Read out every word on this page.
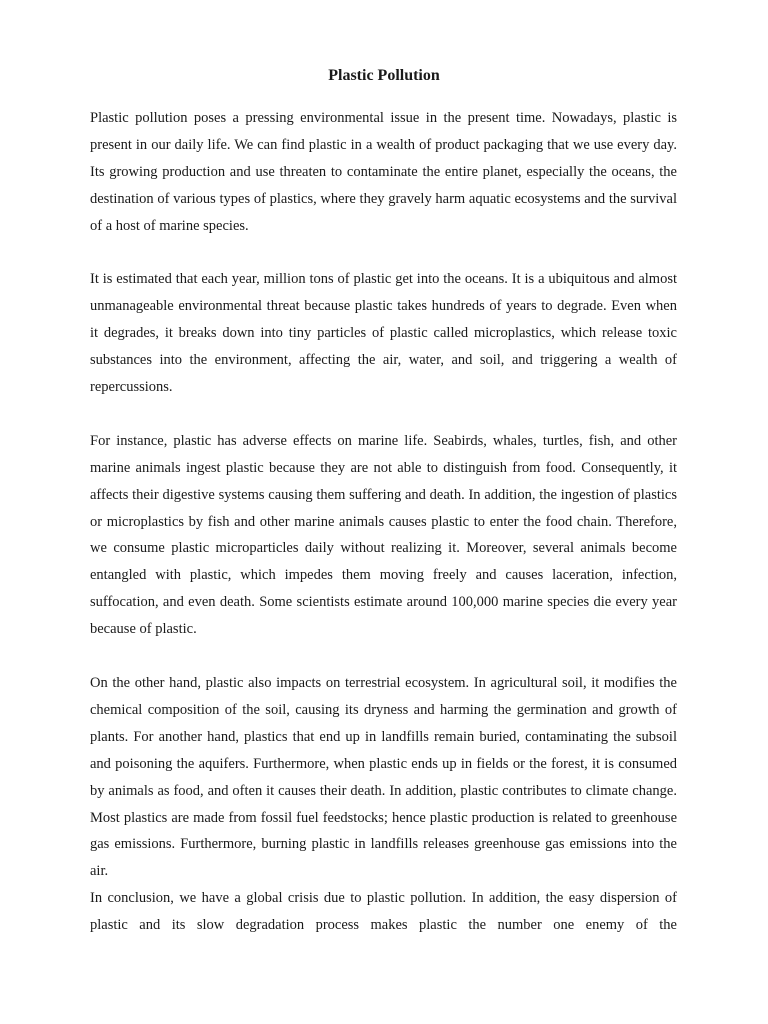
Plastic Pollution

Plastic pollution poses a pressing environmental issue in the present time. Nowadays, plastic is present in our daily life. We can find plastic in a wealth of product packaging that we use every day. Its growing production and use threaten to contaminate the entire planet, especially the oceans, the destination of various types of plastics, where they gravely harm aquatic ecosystems and the survival of a host of marine species.

It is estimated that each year, million tons of plastic get into the oceans. It is a ubiquitous and almost unmanageable environmental threat because plastic takes hundreds of years to degrade. Even when it degrades, it breaks down into tiny particles of plastic called microplastics, which release toxic substances into the environment, affecting the air, water, and soil, and triggering a wealth of repercussions.

For instance, plastic has adverse effects on marine life. Seabirds, whales, turtles, fish, and other marine animals ingest plastic because they are not able to distinguish from food. Consequently, it affects their digestive systems causing them suffering and death. In addition, the ingestion of plastics or microplastics by fish and other marine animals causes plastic to enter the food chain. Therefore, we consume plastic microparticles daily without realizing it. Moreover, several animals become entangled with plastic, which impedes them moving freely and causes laceration, infection, suffocation, and even death. Some scientists estimate around 100,000 marine species die every year because of plastic.

On the other hand, plastic also impacts on terrestrial ecosystem. In agricultural soil, it modifies the chemical composition of the soil, causing its dryness and harming the germination and growth of plants. For another hand, plastics that end up in landfills remain buried, contaminating the subsoil and poisoning the aquifers. Furthermore, when plastic ends up in fields or the forest, it is consumed by animals as food, and often it causes their death. In addition, plastic contributes to climate change. Most plastics are made from fossil fuel feedstocks; hence plastic production is related to greenhouse gas emissions. Furthermore, burning plastic in landfills releases greenhouse gas emissions into the air.

In conclusion, we have a global crisis due to plastic pollution. In addition, the easy dispersion of plastic and its slow degradation process makes plastic the number one enemy of the
